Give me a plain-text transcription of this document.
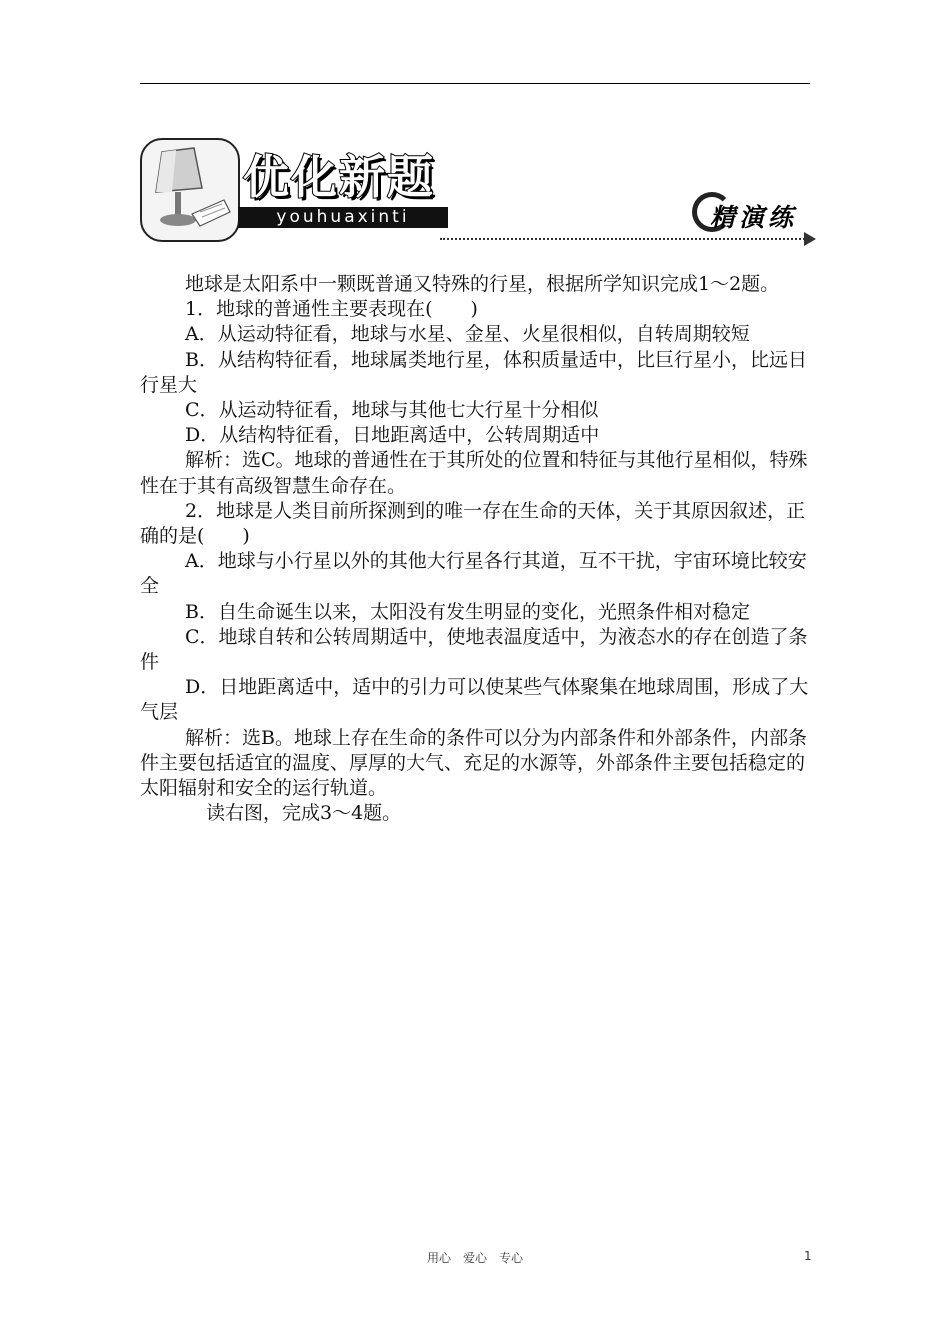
优化新题
youhuaxinti	精演练

地球是太阳系中一颗既普通又特殊的行星，根据所学知识完成1～2题。

1．地球的普通性主要表现在(　　)

A．从运动特征看，地球与水星、金星、火星很相似，自转周期较短

B．从结构特征看，地球属类地行星，体积质量适中，比巨行星小，比远日行星大

C．从运动特征看，地球与其他七大行星十分相似

D．从结构特征看，日地距离适中，公转周期适中

解析：选C。地球的普通性在于其所处的位置和特征与其他行星相似，特殊性在于其有高级智慧生命存在。

2．地球是人类目前所探测到的唯一存在生命的天体，关于其原因叙述，正确的是(　　)

A．地球与小行星以外的其他大行星各行其道，互不干扰，宇宙环境比较安全

B．自生命诞生以来，太阳没有发生明显的变化，光照条件相对稳定

C．地球自转和公转周期适中，使地表温度适中，为液态水的存在创造了条件

D．日地距离适中，适中的引力可以使某些气体聚集在地球周围，形成了大气层

解析：选B。地球上存在生命的条件可以分为内部条件和外部条件，内部条件主要包括适宜的温度、厚厚的大气、充足的水源等，外部条件主要包括稳定的太阳辐射和安全的运行轨道。

读右图，完成3～4题。

用心　爱心　专心	1
